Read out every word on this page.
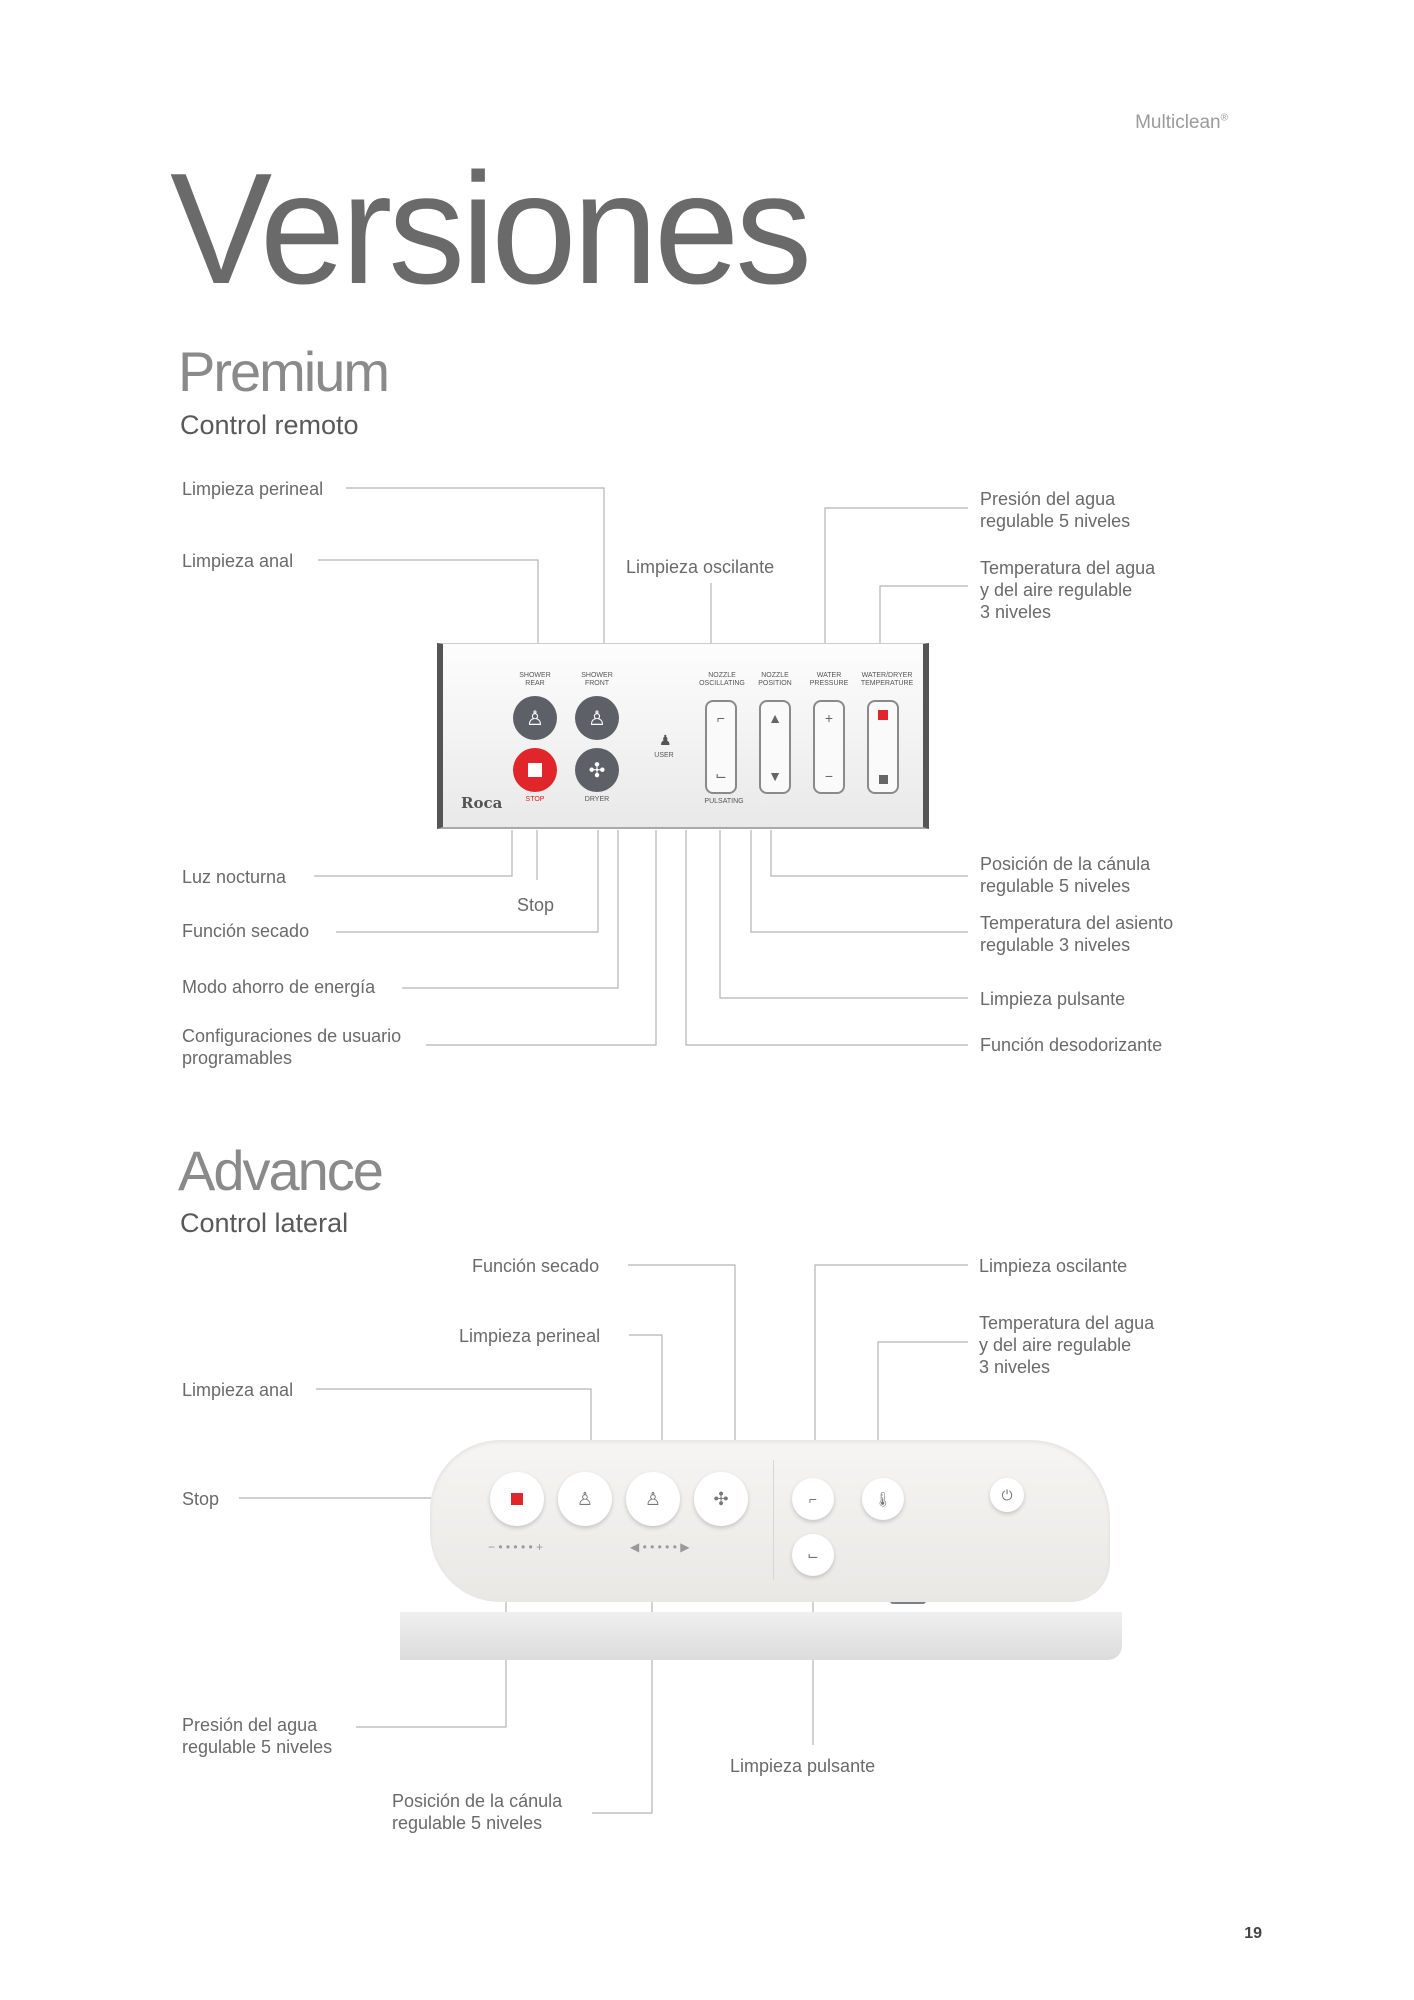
Multiclean®
Versiones
Premium
Control remoto
Limpieza perineal
Limpieza anal	Limpieza oscilante
Presión del agua
regulable 5 niveles
Temperatura del agua
y del aire regulable
3 niveles
Luz nocturna
Stop
Función secado
Modo ahorro de energía
Configuraciones de usuario
programables
Posición de la cánula
regulable 5 niveles
Temperatura del asiento
regulable 3 niveles
Limpieza pulsante
Función desodorizante
SHOWER
REAR
SHOWER
FRONT
♙ ♙
✣
STOP	DRYER
♟
USER
NOZZLE
OSCILLATING
NOZZLE
POSITION
WATER
PRESSURE
WATER/DRYER
TEMPERATURE
⌐
⌙
▲
▼
+
−
PULSATING
Roca
Advance
Control lateral
Función secado
Limpieza perineal
Limpieza anal
Stop
Limpieza oscilante
Temperatura del agua
y del aire regulable
3 niveles
Presión del agua
regulable 5 niveles
Limpieza pulsante
Posición de la cánula
regulable 5 niveles
♙	♙	✣	⌐	🌡
⌙
⏻
− • • • • • +	◀ • • • • • ▶
19
